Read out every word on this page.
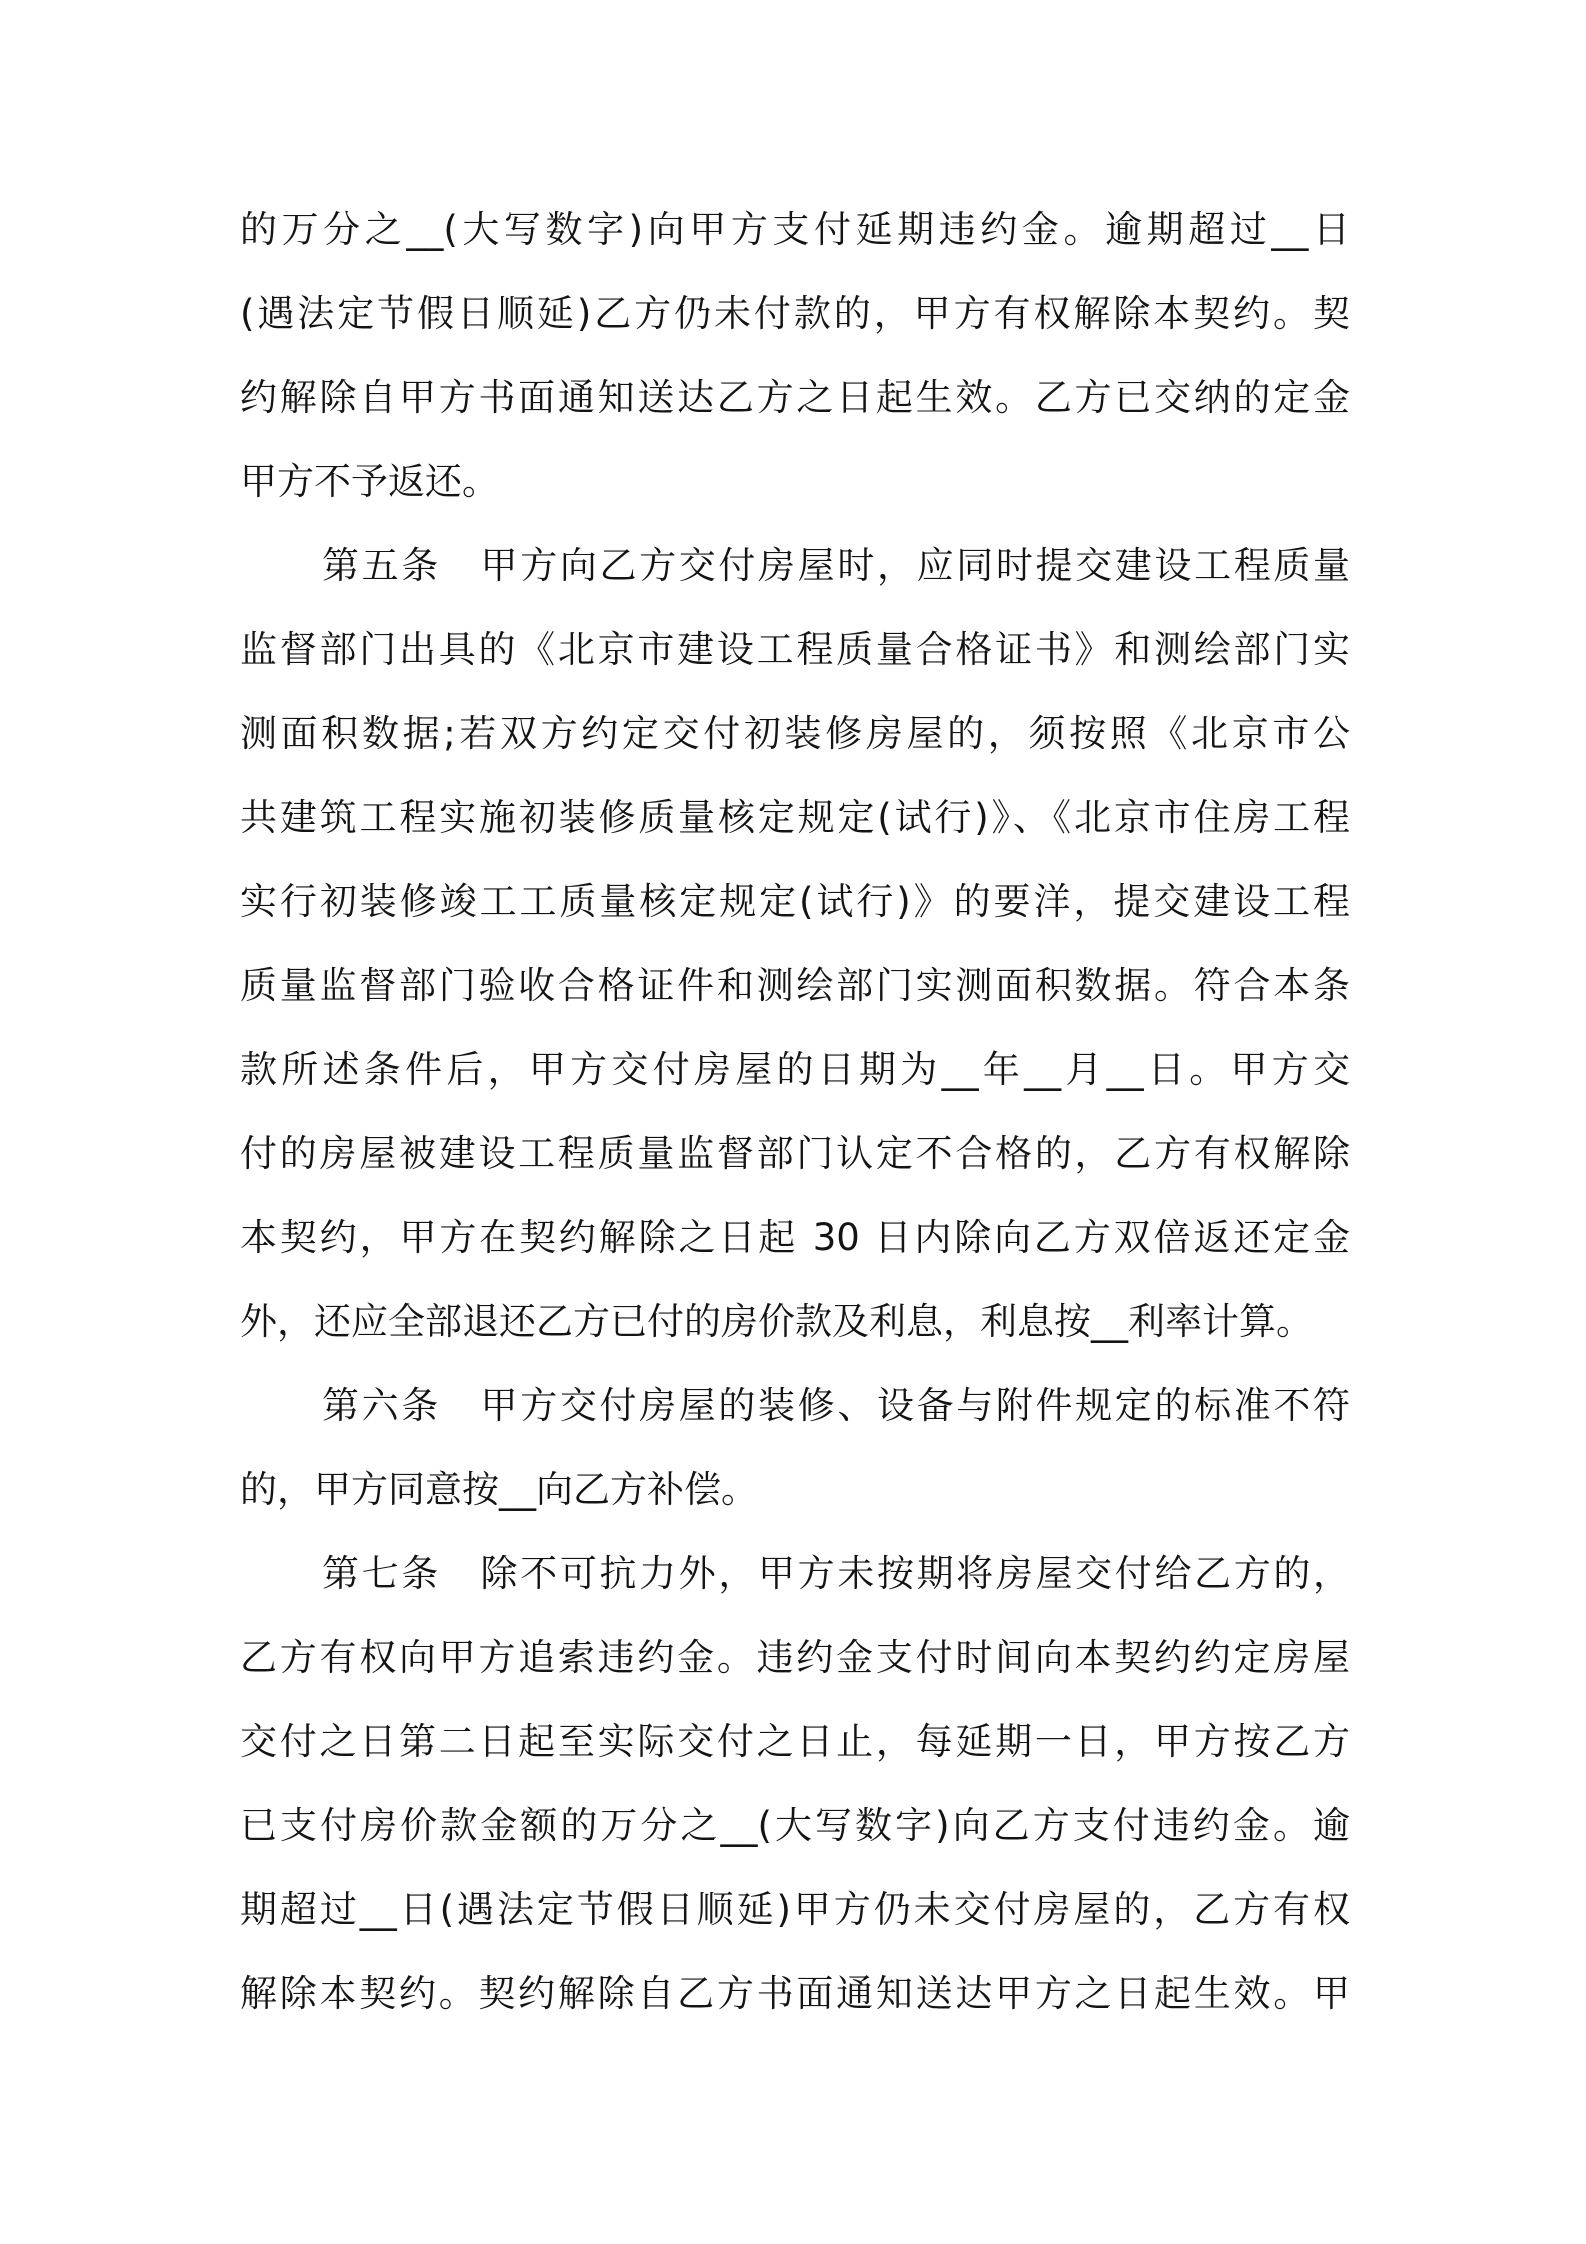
的万分之__(大写数字)向甲方支付延期违约金。逾期超过__日
(遇法定节假日顺延)乙方仍未付款的，甲方有权解除本契约。契
约解除自甲方书面通知送达乙方之日起生效。乙方已交纳的定金
甲方不予返还。
第五条　甲方向乙方交付房屋时，应同时提交建设工程质量
监督部门出具的《北京市建设工程质量合格证书》和测绘部门实
测面积数据;若双方约定交付初装修房屋的，须按照《北京市公
共建筑工程实施初装修质量核定规定(试行)》、《北京市住房工程
实行初装修竣工工质量核定规定(试行)》的要洋，提交建设工程
质量监督部门验收合格证件和测绘部门实测面积数据。符合本条
款所述条件后，甲方交付房屋的日期为__年__月__日。甲方交
付的房屋被建设工程质量监督部门认定不合格的，乙方有权解除
本契约，甲方在契约解除之日起 30 日内除向乙方双倍返还定金
外，还应全部退还乙方已付的房价款及利息，利息按__利率计算。
第六条　甲方交付房屋的装修、设备与附件规定的标准不符
的，甲方同意按__向乙方补偿。
第七条　除不可抗力外，甲方未按期将房屋交付给乙方的，
乙方有权向甲方追索违约金。违约金支付时间向本契约约定房屋
交付之日第二日起至实际交付之日止，每延期一日，甲方按乙方
已支付房价款金额的万分之__(大写数字)向乙方支付违约金。逾
期超过__日(遇法定节假日顺延)甲方仍未交付房屋的，乙方有权
解除本契约。契约解除自乙方书面通知送达甲方之日起生效。甲
